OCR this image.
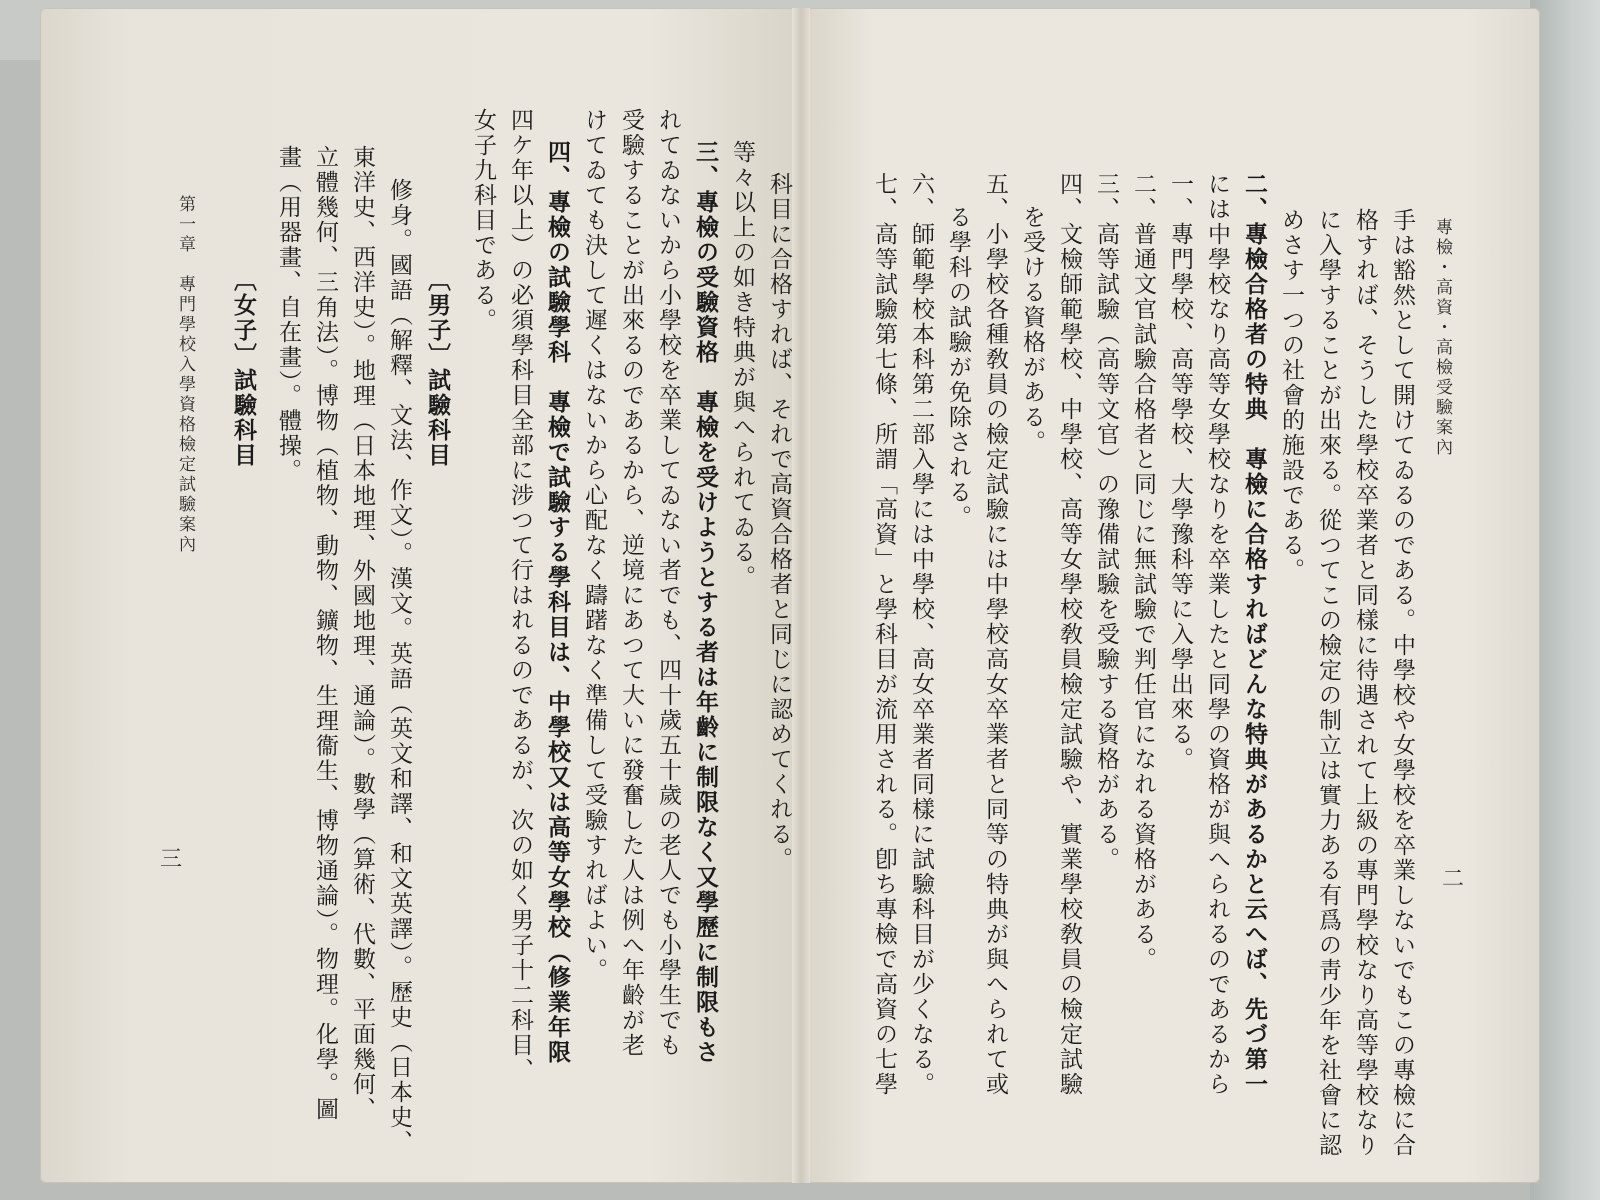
專檢・高資・高檢受驗案內
手は豁然として開けてゐるのである。中學校や女學校を卒業しないでもこの專檢に合
格すれば、そうした學校卒業者と同樣に待遇されて上級の專門學校なり高等學校なり
に入學することが出來る。從つてこの檢定の制立は實力ある有爲の靑少年を社會に認
めさす一つの社會的施設である。
二、專檢合格者の特典　專檢に合格すればどんな特典があるかと云へば、先づ第一
には中學校なり高等女學校なりを卒業したと同學の資格が與へられるのであるから
一、專門學校、高等學校、大學豫科等に入學出來る。
二、普通文官試驗合格者と同じに無試驗で判任官になれる資格がある。
三、高等試驗（高等文官）の豫備試驗を受驗する資格がある。
四、文檢師範學校、中學校、高等女學校敎員檢定試驗や、實業學校敎員の檢定試驗
を受ける資格がある。
五、小學校各種敎員の檢定試驗には中學校高女卒業者と同等の特典が與へられて或
る學科の試驗が免除される。
六、師範學校本科第二部入學には中學校、高女卒業者同樣に試驗科目が少くなる。
七、高等試驗第七條、所謂「高資」と學科目が流用される。卽ち專檢で高資の七學	二
科目に合格すれば、それで高資合格者と同じに認めてくれる。
等々以上の如き特典が與へられてゐる。
三、專檢の受驗資格　專檢を受けようとする者は年齡に制限なく又學歷に制限もさ
れてゐないから小學校を卒業してゐない者でも、四十歲五十歲の老人でも小學生でも
受驗することが出來るのであるから、逆境にあつて大いに發奮した人は例へ年齡が老
けてゐても決して遲くはないから心配なく躊躇なく準備して受驗すればよい。
四、專檢の試驗學科　專檢で試驗する學科目は、中學校又は高等女學校（修業年限
四ケ年以上）の必須學科目全部に涉つて行はれるのであるが、次の如く男子十二科目、
女子九科目である。
〔男子〕試驗科目
修身。國語（解釋、文法、作文）。漢文。英語（英文和譯、和文英譯）。歷史（日本史、
東洋史、西洋史）。地理（日本地理、外國地理、通論）。數學（算術、代數、平面幾何、
立體幾何、三角法）。博物（植物、動物、鑛物、生理衞生、博物通論）。物理。化學。圖
畫（用器畫、自在畫）。體操。
〔女子〕試驗科目
第一章　專門學校入學資格檢定試驗案內
三
